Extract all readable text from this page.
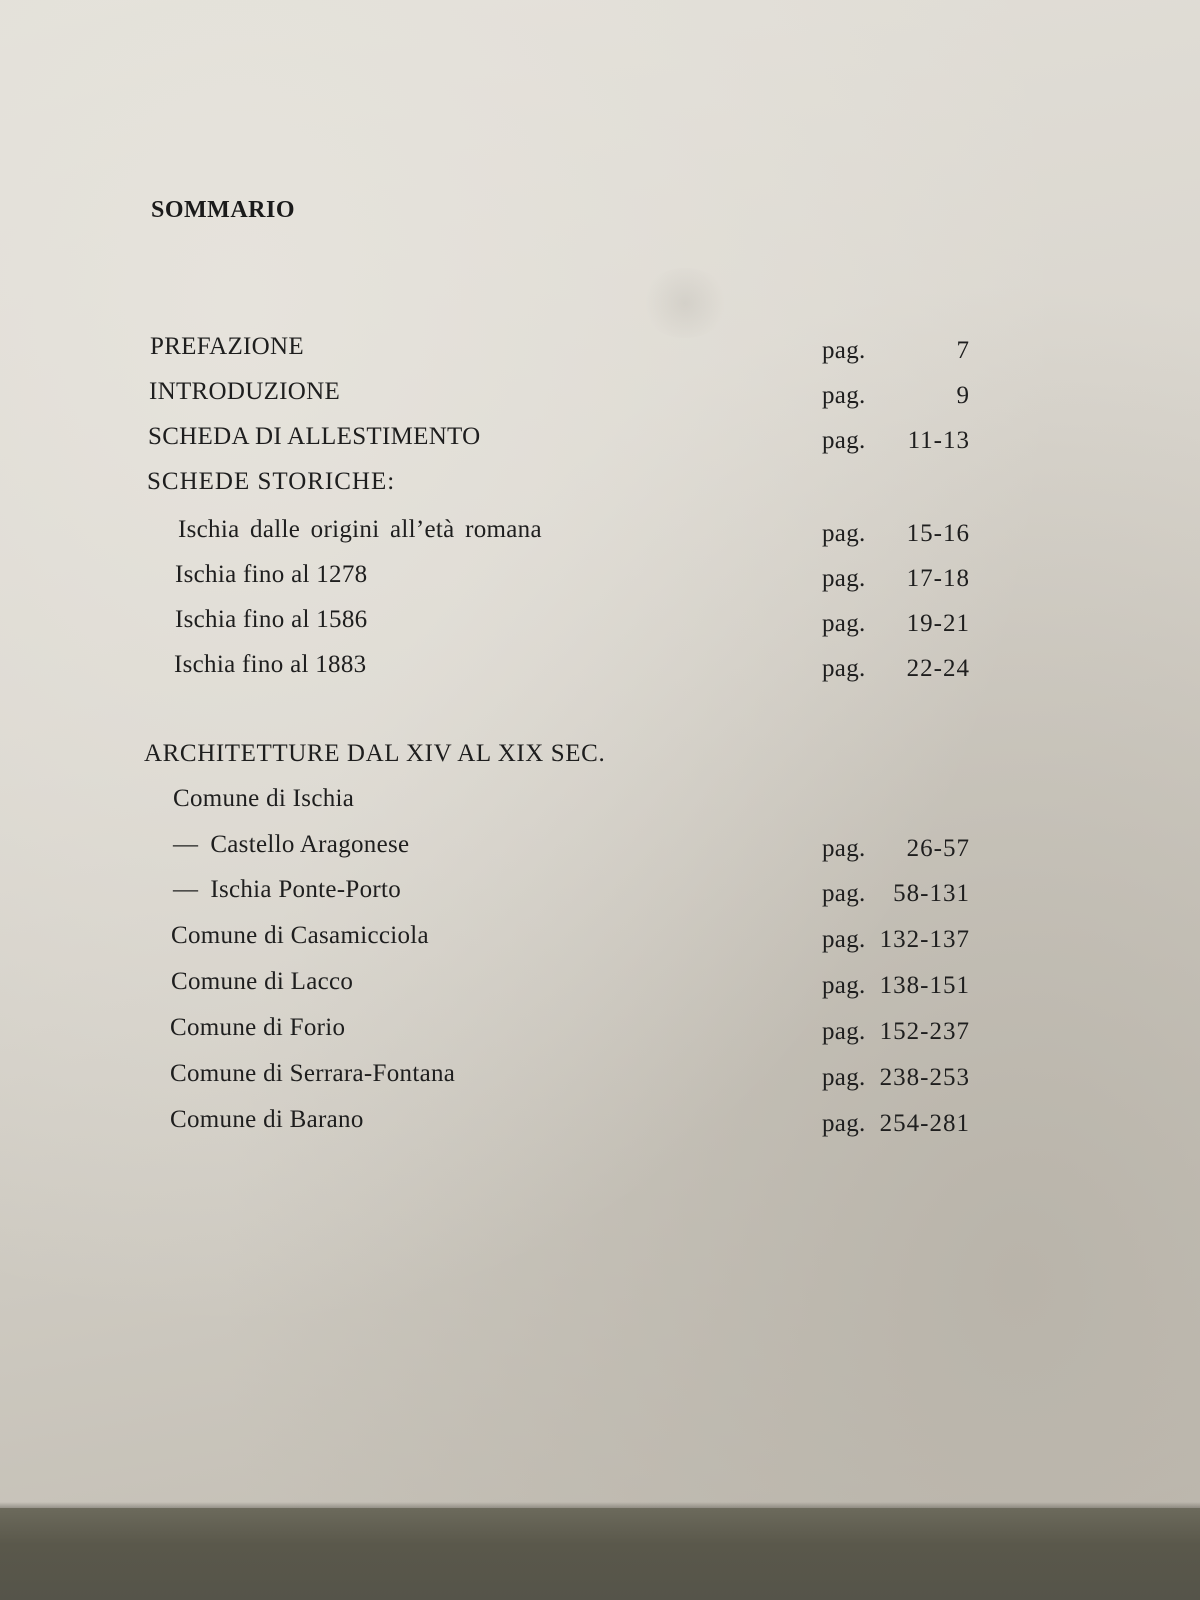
SOMMARIO
PREFAZIONE	pag.	7
INTRODUZIONE	pag.	9
SCHEDA DI ALLESTIMENTO	pag. 11-13
SCHEDE STORICHE:
Ischia dalle origini all’età romana	pag. 15-16
Ischia fino al 1278	pag. 17-18
Ischia fino al 1586	pag. 19-21
Ischia fino al 1883	pag. 22-24
ARCHITETTURE DAL XIV AL XIX SEC.
Comune di Ischia
— Castello Aragonese	pag. 26-57
— Ischia Ponte-Porto	pag. 58-131
Comune di Casamicciola	pag. 132-137
Comune di Lacco	pag. 138-151
Comune di Forio	pag. 152-237
Comune di Serrara-Fontana	pag. 238-253
Comune di Barano	pag. 254-281
